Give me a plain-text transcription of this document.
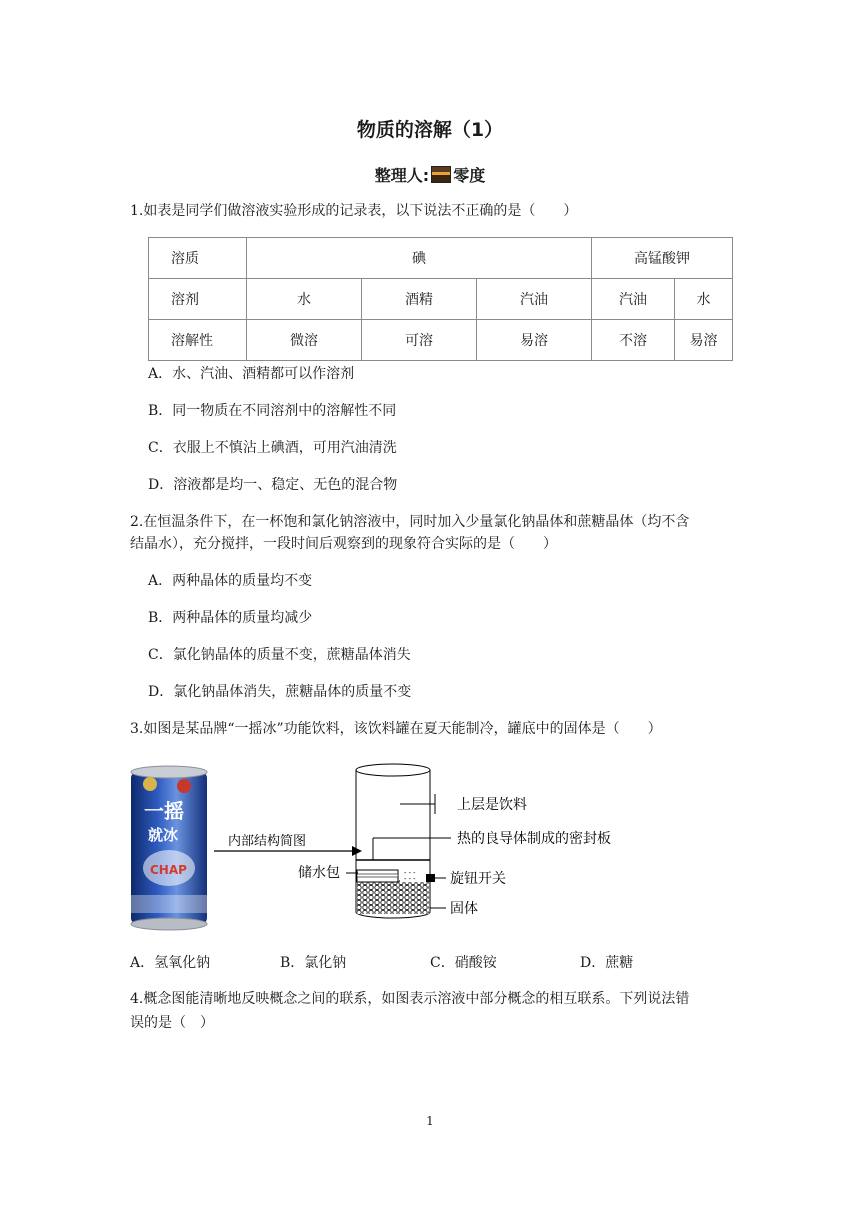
物质的溶解（1）
整理人: 零度
1.如表是同学们做溶液实验形成的记录表，以下说法不正确的是（　　）
溶质	碘			高锰酸钾	
溶剂	水	酒精	汽油	汽油	水
溶解性	微溶	可溶	易溶	不溶	易溶
A．水、汽油、酒精都可以作溶剂
B．同一物质在不同溶剂中的溶解性不同
C．衣服上不慎沾上碘酒，可用汽油清洗
D．溶液都是均一、稳定、无色的混合物
2.在恒温条件下，在一杯饱和氯化钠溶液中，同时加入少量氯化钠晶体和蔗糖晶体（均不含
结晶水），充分搅拌，一段时间后观察到的现象符合实际的是（　　）
A．两种晶体的质量均不变
B．两种晶体的质量均减少
C．氯化钠晶体的质量不变，蔗糖晶体消失
D．氯化钠晶体消失，蔗糖晶体的质量不变
3.如图是某品牌“一摇冰”功能饮料，该饮料罐在夏天能制冷，罐底中的固体是（　　）
一摇
就冰
CHAP
内部结构简图
- - -
- - -
上层是饮料
热的良导体制成的密封板
储水包	旋钮开关
固体
A．氢氧化钠	B．氯化钠	C．硝酸铵	D．蔗糖
4.概念图能清晰地反映概念之间的联系，如图表示溶液中部分概念的相互联系。下列说法错
误的是（　）
1
